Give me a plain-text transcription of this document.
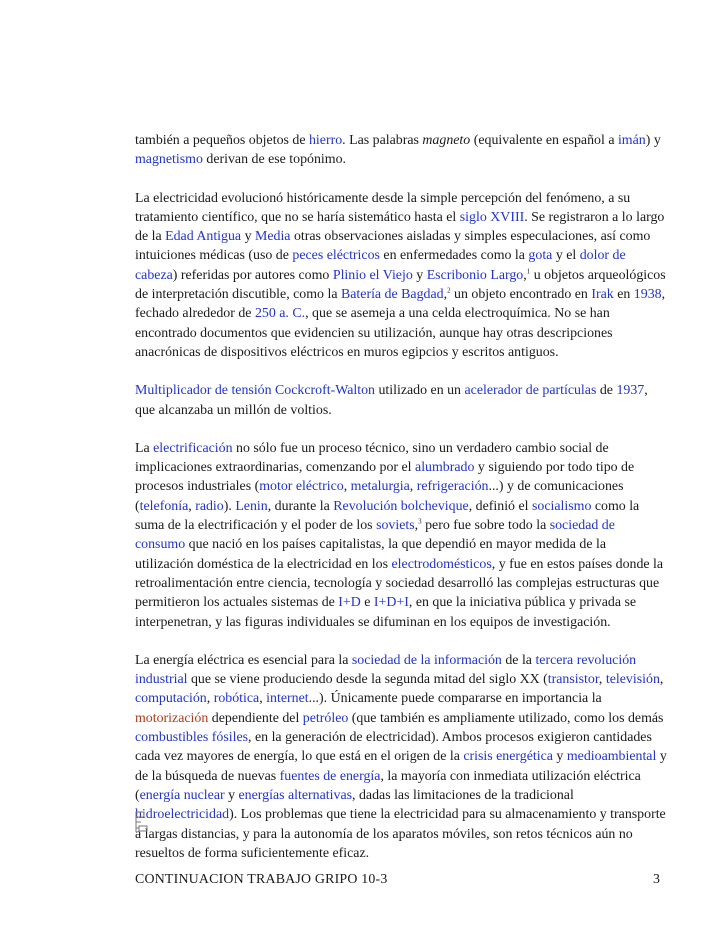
también a pequeños objetos de hierro. Las palabras magneto (equivalente en español a imán) y magnetismo derivan de ese topónimo.

La electricidad evolucionó históricamente desde la simple percepción del fenómeno, a su tratamiento científico, que no se haría sistemático hasta el siglo XVIII. Se registraron a lo largo de la Edad Antigua y Media otras observaciones aisladas y simples especulaciones, así como intuiciones médicas (uso de peces eléctricos en enfermedades como la gota y el dolor de cabeza) referidas por autores como Plinio el Viejo y Escribonio Largo,$^1$ u objetos arqueológicos de interpretación discutible, como la Batería de Bagdad,$^2$ un objeto encontrado en Irak en 1938, fechado alrededor de 250 a. C., que se asemeja a una celda electroquímica. No se han encontrado documentos que evidencien su utilización, aunque hay otras descripciones anacrónicas de dispositivos eléctricos en muros egipcios y escritos antiguos.

Multiplicador de tensión Cockcroft-Walton utilizado en un acelerador de partículas de 1937, que alcanzaba un millón de voltios.

La electrificación no sólo fue un proceso técnico, sino un verdadero cambio social de implicaciones extraordinarias, comenzando por el alumbrado y siguiendo por todo tipo de procesos industriales (motor eléctrico, metalurgia, refrigeración...) y de comunicaciones (telefonía, radio). Lenin, durante la Revolución bolchevique, definió el socialismo como la suma de la electrificación y el poder de los soviets,$^3$ pero fue sobre todo la sociedad de consumo que nació en los países capitalistas, la que dependió en mayor medida de la utilización doméstica de la electricidad en los electrodomésticos, y fue en estos países donde la retroalimentación entre ciencia, tecnología y sociedad desarrolló las complejas estructuras que permitieron los actuales sistemas de I+D e I+D+I, en que la iniciativa pública y privada se interpenetran, y las figuras individuales se difuminan en los equipos de investigación.

La energía eléctrica es esencial para la sociedad de la información de la tercera revolución industrial que se viene produciendo desde la segunda mitad del siglo XX (transistor, televisión, computación, robótica, internet...). Únicamente puede compararse en importancia la motorización dependiente del petróleo (que también es ampliamente utilizado, como los demás combustibles fósiles, en la generación de electricidad). Ambos procesos exigieron cantidades cada vez mayores de energía, lo que está en el origen de la crisis energética y medioambiental y de la búsqueda de nuevas fuentes de energía, la mayoría con inmediata utilización eléctrica (energía nuclear y energías alternativas, dadas las limitaciones de la tradicional hidroelectricidad). Los problemas que tiene la electricidad para su almacenamiento y transporte a largas distancias, y para la autonomía de los aparatos móviles, son retos técnicos aún no resueltos de forma suficientemente eficaz.

CONTINUACION TRABAJO GRIPO 10-3	3
